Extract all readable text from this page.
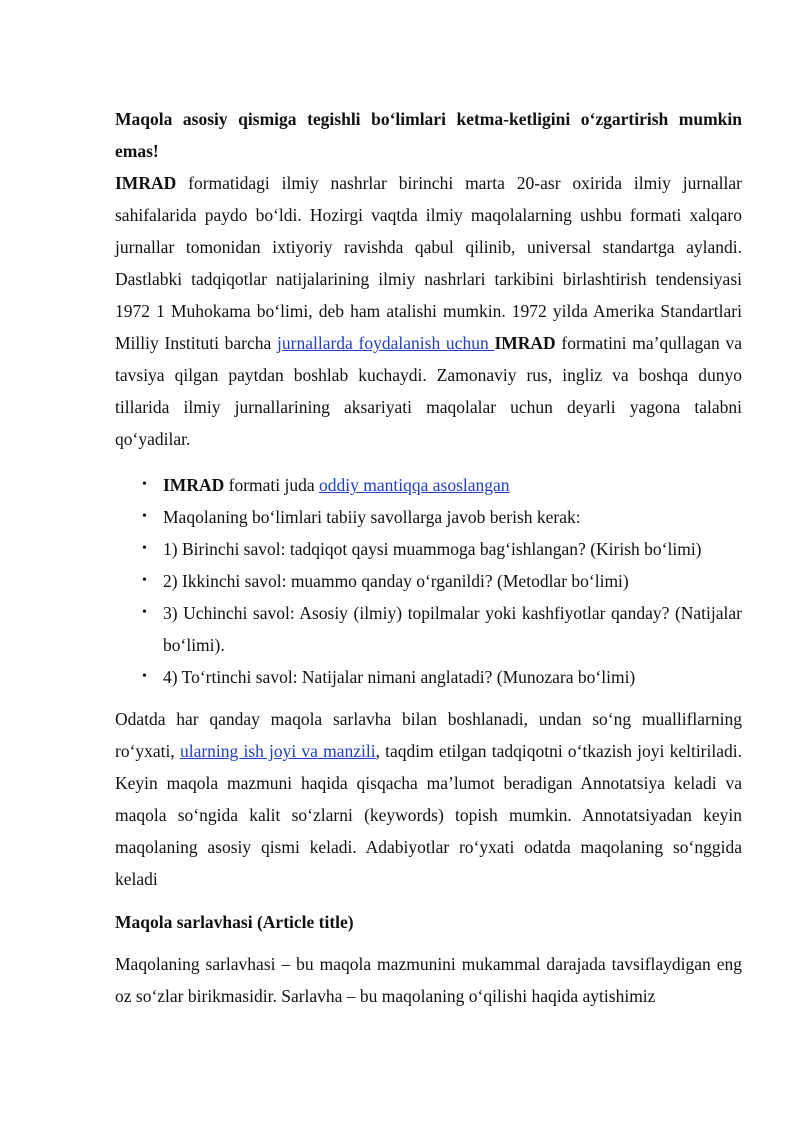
Maqola asosiy qismiga tegishli bo‘limlari ketma-ketligini o‘zgartirish mumkin emas!

IMRAD formatidagi ilmiy nashrlar birinchi marta 20-asr oxirida ilmiy jurnallar sahifalarida paydo bo‘ldi. Hozirgi vaqtda ilmiy maqolalarning ushbu formati xalqaro jurnallar tomonidan ixtiyoriy ravishda qabul qilinib, universal standartga aylandi. Dastlabki tadqiqotlar natijalarining ilmiy nashrlari tarkibini birlashtirish tendensiyasi 1972 1 Muhokama bo‘limi, deb ham atalishi mumkin. 1972 yilda Amerika Standartlari Milliy Instituti barcha jurnallarda foydalanish uchun IMRAD formatini ma’qullagan va tavsiya qilgan paytdan boshlab kuchaydi. Zamonaviy rus, ingliz va boshqa dunyo tillarida ilmiy jurnallarining aksariyati maqolalar uchun deyarli yagona talabni qo‘yadilar.

• IMRAD formati juda oddiy mantiqqa asoslangan
• Maqolaning bo‘limlari tabiiy savollarga javob berish kerak:
• 1) Birinchi savol: tadqiqot qaysi muammoga bag‘ishlangan? (Kirish bo‘limi)
• 2) Ikkinchi savol: muammo qanday o‘rganildi? (Metodlar bo‘limi)
• 3) Uchinchi savol: Asosiy (ilmiy) topilmalar yoki kashfiyotlar qanday? (Natijalar bo‘limi).
• 4) To‘rtinchi savol: Natijalar nimani anglatadi? (Munozara bo‘limi)

Odatda har qanday maqola sarlavha bilan boshlanadi, undan so‘ng mualliflarning ro‘yxati, ularning ish joyi va manzili, taqdim etilgan tadqiqotni o‘tkazish joyi keltiriladi. Keyin maqola mazmuni haqida qisqacha ma’lumot beradigan Annotatsiya keladi va maqola so‘ngida kalit so‘zlarni (keywords) topish mumkin. Annotatsiyadan keyin maqolaning asosiy qismi keladi. Adabiyotlar ro‘yxati odatda maqolaning so‘nggida keladi

Maqola sarlavhasi (Article title)

Maqolaning sarlavhasi – bu maqola mazmunini mukammal darajada tavsiflaydigan eng oz so‘zlar birikmasidir. Sarlavha – bu maqolaning o‘qilishi haqida aytishimiz
